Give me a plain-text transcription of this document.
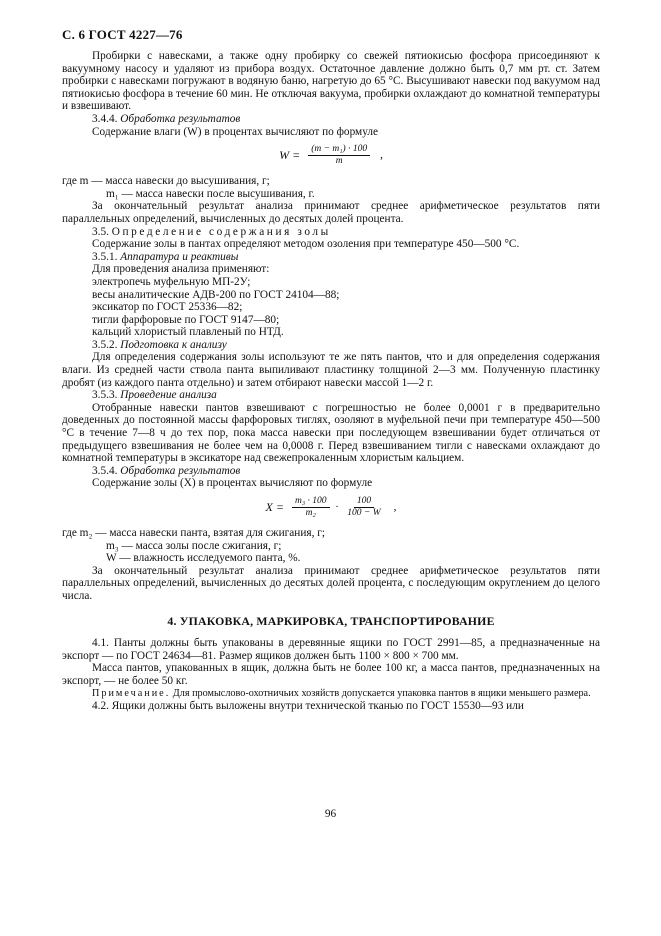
С. 6 ГОСТ 4227—76

Пробирки с навесками, а также одну пробирку со свежей пятиокисью фосфора присоединяют к вакуумному насосу и удаляют из прибора воздух. Остаточное давление должно быть 0,7 мм рт. ст. Затем пробирки с навесками погружают в водяную баню, нагретую до 65 °С. Высушивают навески под вакуумом над пятиокисью фосфора в течение 60 мин. Не отключая вакуума, пробирки охлаждают до комнатной температуры и взвешивают.

3.4.4. Обработка результатов

Содержание влаги (W) в процентах вычисляют по формуле

$W = \frac{\text{(m − m₁) · 100}}{m}$ ,

где m — масса навески до высушивания, г;

m₁ — масса навески после высушивания, г.

За окончательный результат анализа принимают среднее арифметическое результатов пяти параллельных определений, вычисленных до десятых долей процента.

3.5. Определение содержания золы

Содержание золы в пантах определяют методом озоления при температуре 450—500 °С.

3.5.1. Аппаратура и реактивы

Для проведения анализа применяют:

электропечь муфельную МП-2У;

весы аналитические АДВ-200 по ГОСТ 24104—88;

эксикатор по ГОСТ 25336—82;

тигли фарфоровые по ГОСТ 9147—80;

кальций хлористый плавленый по НТД.

3.5.2. Подготовка к анализу

Для определения содержания золы используют те же пять пантов, что и для определения содержания влаги. Из средней части ствола панта выпиливают пластинку толщиной 2—3 мм. Полученную пластинку дробят (из каждого панта отдельно) и затем отбирают навески массой 1—2 г.

3.5.3. Проведение анализа

Отобранные навески пантов взвешивают с погрешностью не более 0,0001 г в предварительно доведенных до постоянной массы фарфоровых тиглях, озоляют в муфельной печи при температуре 450—500 °С в течение 7—8 ч до тех пор, пока масса навески при последующем взвешивании будет отличаться от предыдущего взвешивания не более чем на 0,0008 г. Перед взвешиванием тигли с навесками охлаждают до комнатной температуры в эксикаторе над свежепрокаленным хлористым кальцием.

3.5.4. Обработка результатов

Содержание золы (X) в процентах вычисляют по формуле

$X = \frac{\text{m₃ · 100}}{\text{m₂}} \cdot \frac{100}{100 - W}$ ,

где m₂ — масса навески панта, взятая для сжигания, г;

m₃ — масса золы после сжигания, г;

W — влажность исследуемого панта, %.

За окончательный результат анализа принимают среднее арифметическое результатов пяти параллельных определений, вычисленных до десятых долей процента, с последующим округлением до целого числа.

4. УПАКОВКА, МАРКИРОВКА, ТРАНСПОРТИРОВАНИЕ

4.1. Панты должны быть упакованы в деревянные ящики по ГОСТ 2991—85, а предназначенные на экспорт — по ГОСТ 24634—81. Размер ящиков должен быть 1100 × 800 × 700 мм.

Масса пантов, упакованных в ящик, должна быть не более 100 кг, а масса пантов, предназначенных на экспорт, — не более 50 кг.

Примечание. Для промыслово-охотничьих хозяйств допускается упаковка пантов в ящики меньшего размера.

4.2. Ящики должны быть выложены внутри технической тканью по ГОСТ 15530—93 или

96
